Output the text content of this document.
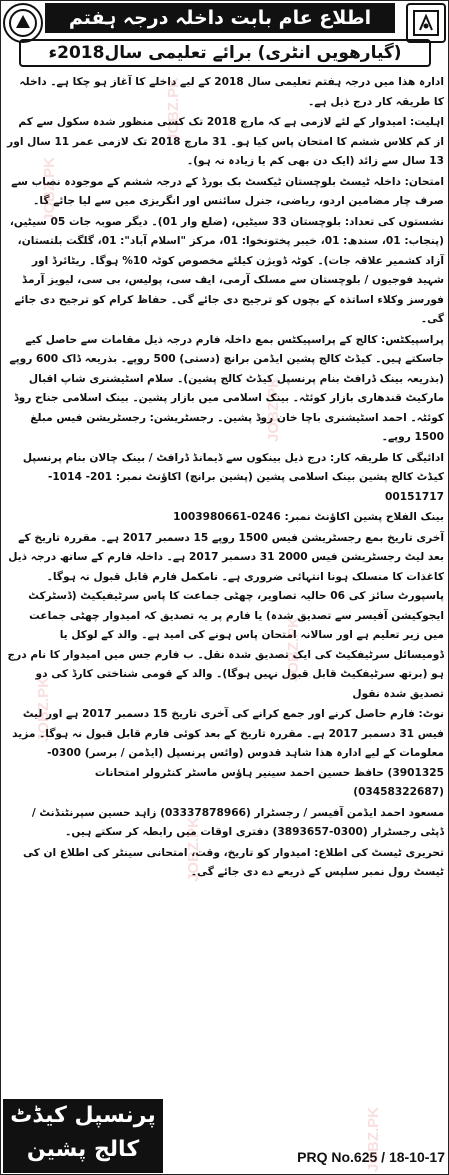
اطلاع عام بابت داخلہ درجہ ہفتم
(گیارھویں انٹری) برائے تعلیمی سال2018ء

ادارہ ھذا میں درجہ ہفتم تعلیمی سال 2018 کے لیے داخلے کا آغاز ہو چکا ہے۔ داخلہ کا طریقہ کار درج ذیل ہے۔

اہلیت: امیدوار کے لئے لازمی ہے کہ مارچ 2018 تک کسی منظور شدہ سکول سے کم از کم کلاس ششم کا امتحان پاس کیا ہو۔ 31 مارچ 2018 تک لازمی عمر 11 سال اور 13 سال سے زائد (ایک دن بھی کم یا زیادہ نہ ہو)۔

امتحان: داخلہ ٹیسٹ بلوچستان ٹیکسٹ بک بورڈ کے درجہ ششم کے موجودہ نصاب سے صرف چار مضامین اردو، ریاضی، جنرل سائنس اور انگریزی میں سے لیا جائے گا۔

نشستوں کی تعداد: بلوچستان 33 سیٹیں، (ضلع وار 01)۔ دیگر صوبہ جات 05 سیٹیں، (پنجاب: 01، سندھ: 01، خیبر پختونخوا: 01، مرکز "اسلام آباد": 01، گلگت بلتستان، آزاد کشمیر علاقہ جات)۔ کوٹہ ڈویژن کیلئے مخصوص کوٹہ 10% ہوگا۔ ریٹائرڈ اور شہید فوجیوں / بلوچستان سے مسلک آرمی، ایف سی، پولیس، بی سی، لیویز آرمڈ فورسز وکلاء اساتذہ کے بچوں کو ترجیح دی جائے گی۔ حفاظ کرام کو ترجیح دی جائے گی۔

پراسپیکٹس: کالج کے پراسپیکٹس بمع داخلہ فارم درجہ ذیل مقامات سے حاصل کیے جاسکتے ہیں۔ کیڈٹ کالج پشین ایڈمن برانچ (دستی) 500 روپے۔ بذریعہ ڈاک 600 روپے (بذریعہ بینک ڈرافٹ بنام پرنسپل کیڈٹ کالج پشین)۔ سلام اسٹیشنری شاپ اقبال مارکیٹ قندھاری بازار کوئٹہ۔ بینک اسلامی میں بازار پشین۔ بینک اسلامی جناح روڈ کوئٹہ۔ احمد اسٹیشنری باچا خان روڈ پشین۔ رجسٹریشن: رجسٹریشن فیس مبلغ 1500 روپے۔

ادائیگی کا طریقہ کار: درج ذیل بینکوں سے ڈیمانڈ ڈرافٹ / بینک چالان بنام پرنسپل کیڈٹ کالج پشین بینک اسلامی پشین (پشین برانچ) اکاؤنٹ نمبر: 201- 1014-00151717

بینک الفلاح پشین اکاؤنٹ نمبر: 0246-1003980661

آخری تاریخ بمع رجسٹریشن فیس 1500 روپے 15 دسمبر 2017 ہے۔ مقررہ تاریخ کے بعد لیٹ رجسٹریشن فیس 2000 31 دسمبر 2017 ہے۔ داخلہ فارم کے ساتھ درجہ ذیل کاغذات کا منسلک ہونا انتہائی ضروری ہے۔ نامکمل فارم قابل قبول نہ ہوگا۔ پاسپورٹ سائز کی 06 حالیہ تصاویر، چھٹی جماعت کا پاس سرٹیفیکیٹ (ڈسٹرکٹ ایجوکیشن آفیسر سے تصدیق شدہ) یا فارم پر یہ تصدیق کہ امیدوار چھٹی جماعت میں زیر تعلیم ہے اور سالانہ امتحان پاس ہونے کی امید ہے۔ والد کے لوکل یا ڈومیسائل سرٹیفکیٹ کی ایک تصدیق شدہ نقل۔ ب فارم جس میں امیدوار کا نام درج ہو (برتھ سرٹیفکیٹ قابل قبول نہیں ہوگا)۔ والد کے قومی شناختی کارڈ کی دو تصدیق شدہ نقول

نوٹ: فارم حاصل کرنے اور جمع کرانے کی آخری تاریخ 15 دسمبر 2017 ہے اور لیٹ فیس 31 دسمبر 2017 ہے۔ مقررہ تاریخ کے بعد کوئی فارم قابل قبول نہ ہوگا۔ مزید معلومات کے لیے ادارہ ھذا شاہد قدوس (وائس پرنسپل (ایڈمن / برسر) 0300-3901325) حافظ حسین احمد سینیر ہاؤس ماسٹر کنٹرولر امتحانات (03458322687)

مسعود احمد ایڈمن آفیسر / رجسٹرار (03337878966) زاہد حسین سپرنٹنڈنٹ / ڈپٹی رجسٹرار (0300-3893657) دفتری اوقات میں رابطہ کر سکتے ہیں۔

تحریری ٹیسٹ کی اطلاع: امیدوار کو تاریخ، وقت، امتحانی سینٹر کی اطلاع ان کی ٹیسٹ رول نمبر سلپس کے ذریعے دے دی جائے گی۔

پرنسپل کیڈٹ
کالج پشین	PRQ No.625 / 18-10-17
JOBZ.PK
JOBZ.PK
JOBZ.PK
JOBZ.PK
JOBZ.PK
JOBZ.PK
JOBZ.PK
